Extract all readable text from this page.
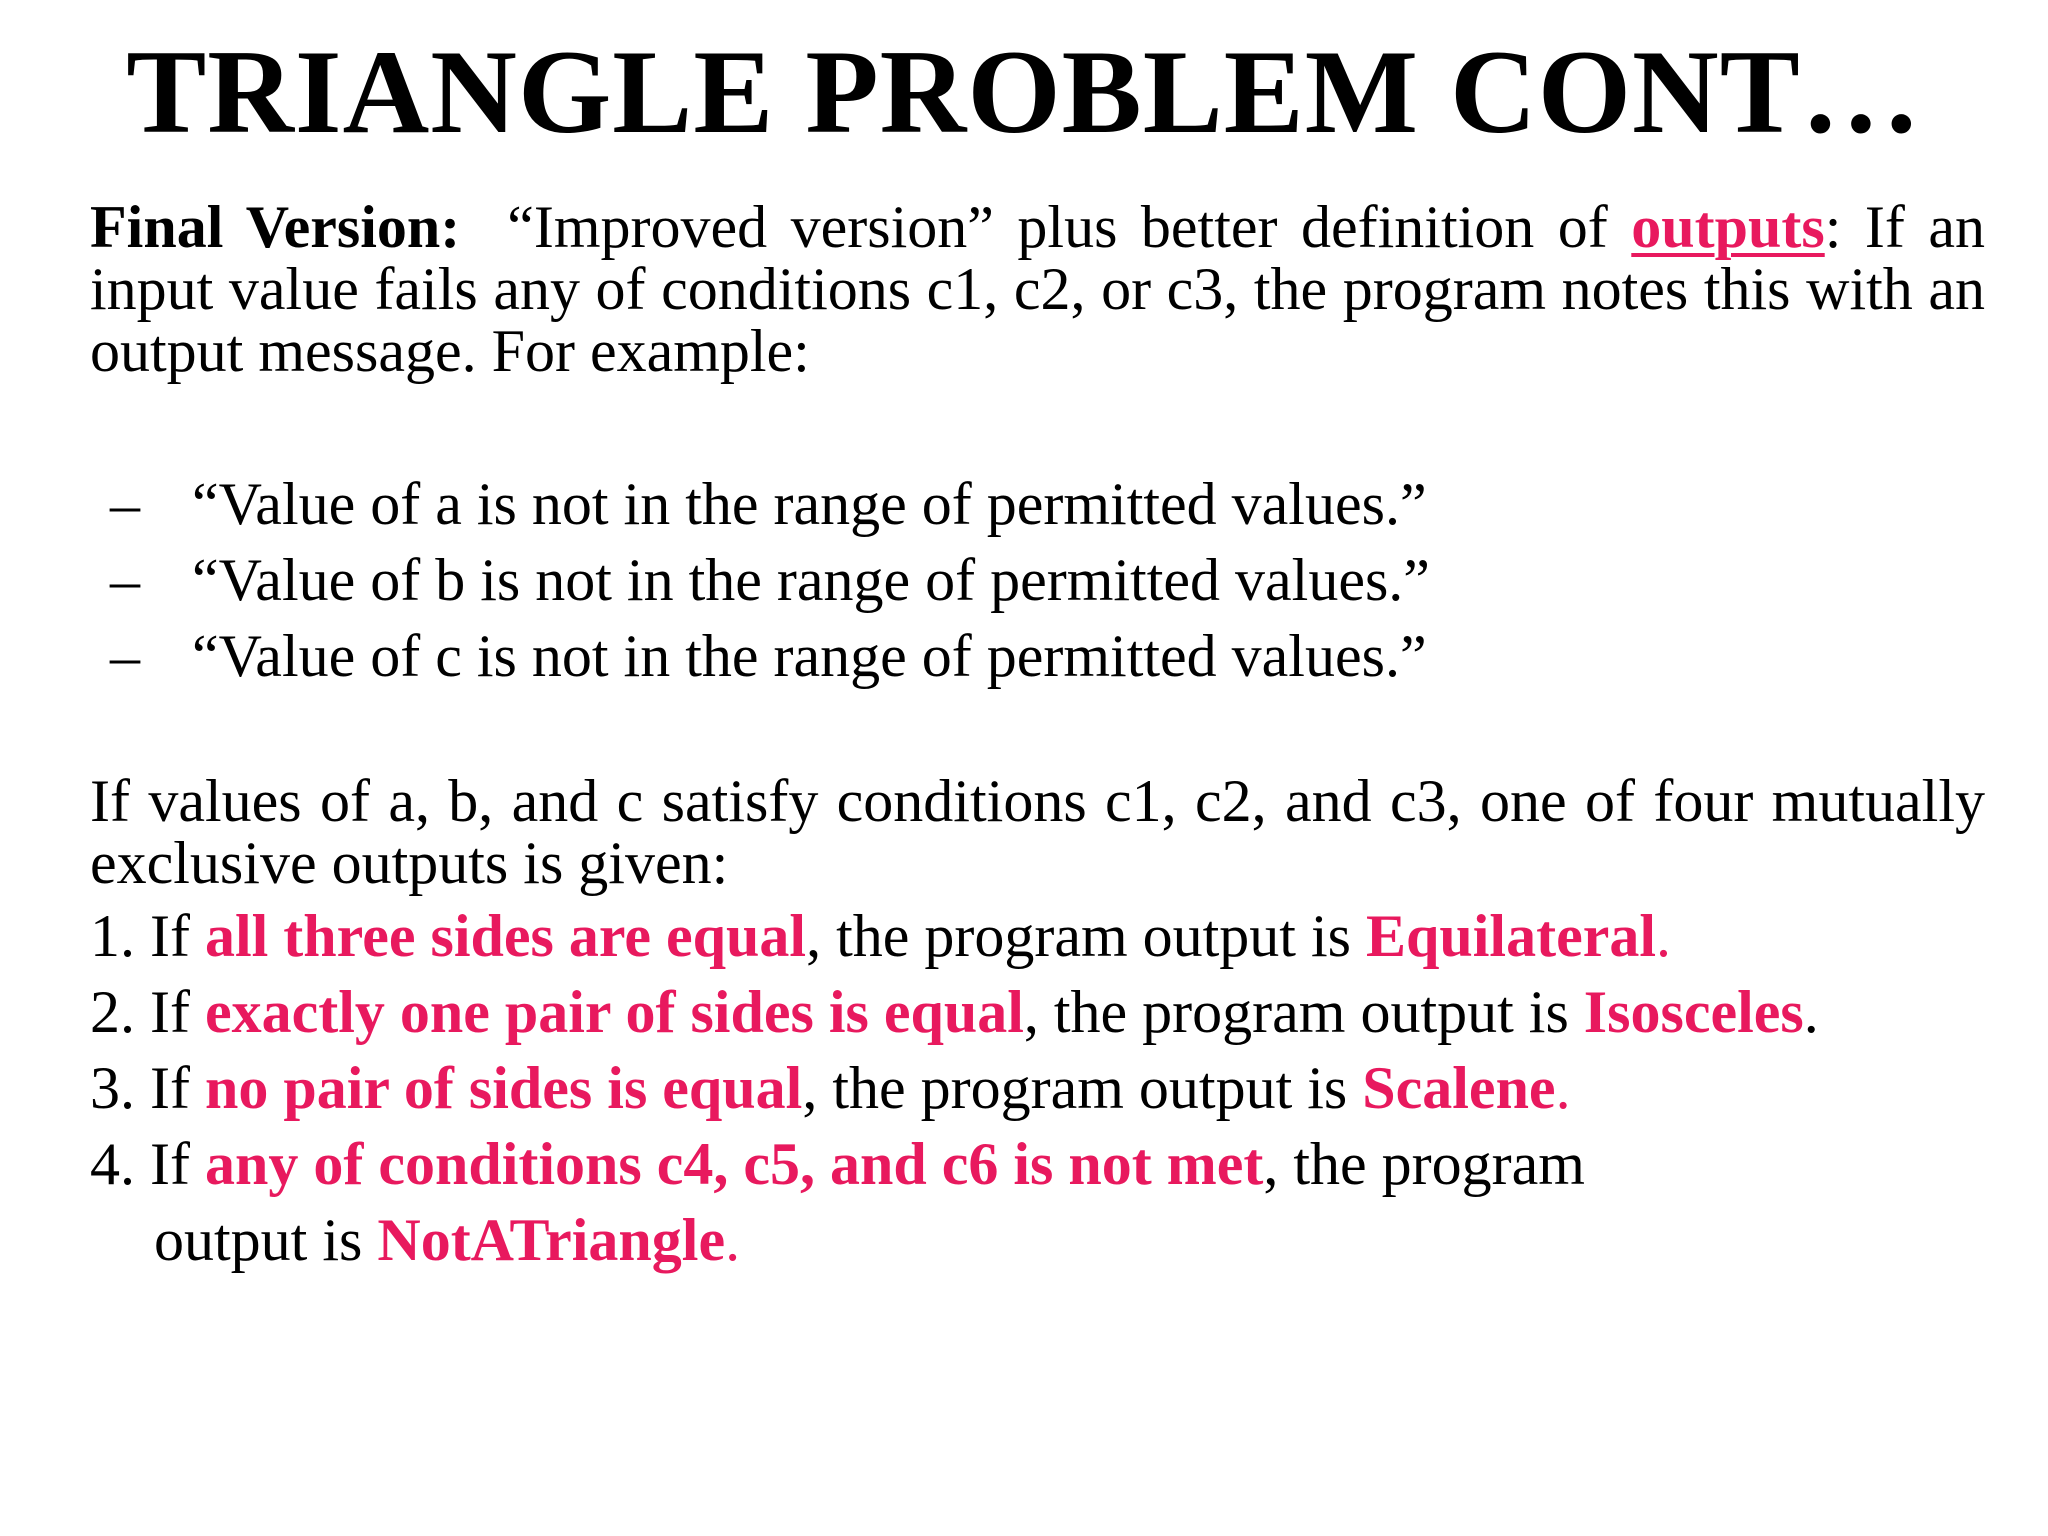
TRIANGLE PROBLEM CONT…
Final Version:  “Improved version” plus better definition of outputs: If an input value fails any of conditions c1, c2, or c3, the program notes this with an output message. For example:
– “Value of a is not in the range of permitted values.”
– “Value of b is not in the range of permitted values.”
– “Value of c is not in the range of permitted values.”
If values of a, b, and c satisfy conditions c1, c2, and c3, one of four mutually exclusive outputs is given:
1. If all three sides are equal, the program output is Equilateral.
2. If exactly one pair of sides is equal, the program output is Isosceles.
3. If no pair of sides is equal, the program output is Scalene.
4. If any of conditions c4, c5, and c6 is not met, the program
output is NotATriangle.
